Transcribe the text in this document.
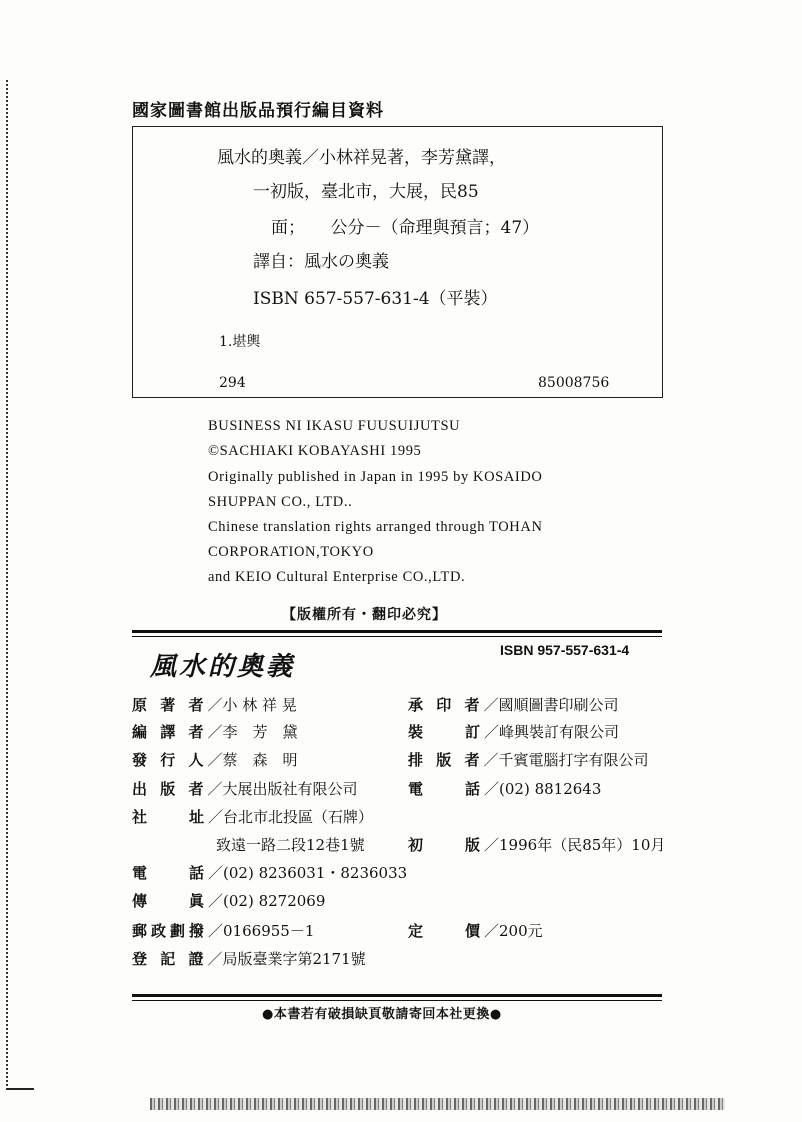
國家圖書館出版品預行編目資料
風水的奧義／小林祥晃著，李芳黛譯，
一初版，臺北市，大展，民85
面；　　公分－（命理與預言；47）
譯自：風水の奧義
ISBN 657-557-631-4（平裝）
1.堪輿
294	85008756
BUSINESS NI IKASU FUUSUIJUTSU
©SACHIAKI KOBAYASHI 1995
Originally published in Japan in 1995 by KOSAIDO
SHUPPAN CO., LTD..
Chinese translation rights arranged through TOHAN
CORPORATION,TOKYO
and KEIO Cultural Enterprise CO.,LTD.
【版權所有・翻印必究】
風水的奧義
ISBN 957-557-631-4
原 著 者／小 林 祥 晃
編 譯 者／李　芳　黛
發 行 人／蔡　森　明
出 版 者／大展出版社有限公司
社　　址／台北市北投區（石牌）
致遠一路二段12巷1號
電　　話／(02) 8236031・8236033
傳　　眞／(02) 8272069
郵政劃撥／0166955－1
登 記 證／局版臺業字第2171號
承 印 者／國順圖書印刷公司
裝　　訂／峰興裝訂有限公司
排 版 者／千賓電腦打字有限公司
電　　話／(02) 8812643
初　　版／1996年（民85年）10月
定　　價／200元
●本書若有破損缺頁敬請寄回本社更換●
